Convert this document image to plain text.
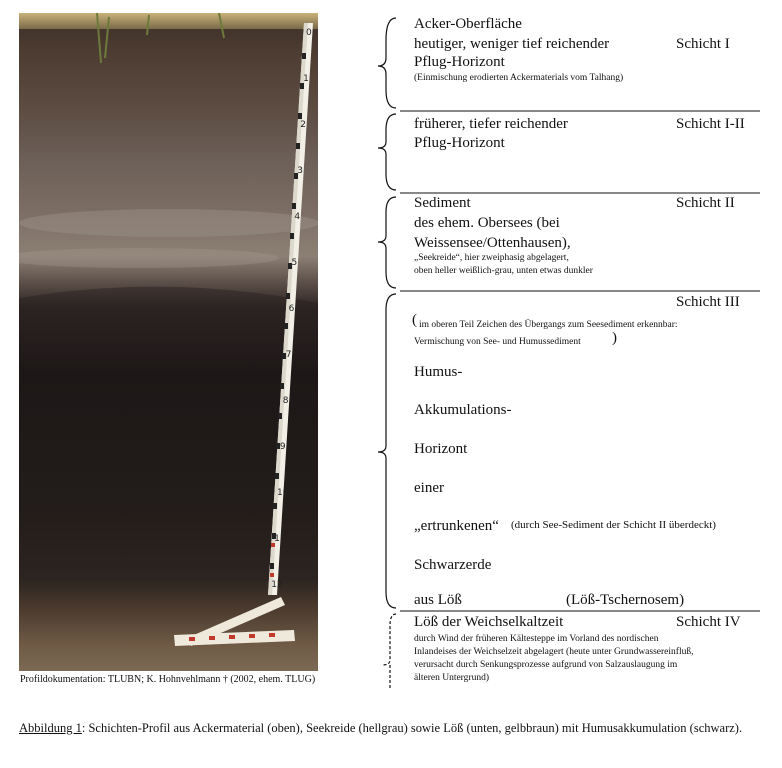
0
1
2
3
4
5
6
7
8
9
10
11
12
Profildokumentation: TLUBN; K. Hohnvehlmann † (2002, ehem. TLUG)
Acker-Oberfläche
heutiger, weniger tief reichender
Pflug-Horizont
(Einmischung erodierten Ackermaterials vom Talhang)
Schicht I
früherer, tiefer reichender
Pflug-Horizont
Schicht I-II
Sediment
des ehem. Obersees (bei
Weissensee/Ottenhausen),
„Seekreide“, hier zweiphasig abgelagert,
oben heller weißlich-grau, unten etwas dunkler
Schicht II
Schicht III
( im oberen Teil Zeichen des Übergangs zum Seesediment erkennbar:
Vermischung von See- und Humussediment )
Humus-
Akkumulations-
Horizont
einer
„ertrunkenen“ (durch See-Sediment der Schicht II überdeckt)
Schwarzerde
aus Löß	(Löß-Tschernosem)
Löß der Weichselkaltzeit	Schicht IV
durch Wind der früheren Kältesteppe im Vorland des nordischen
Inlandeises der Weichselzeit abgelagert (heute unter Grundwassereinfluß,
verursacht durch Senkungsprozesse aufgrund von Salzauslaugung im
älteren Untergrund)
Abbildung 1: Schichten-Profil aus Ackermaterial (oben), Seekreide (hellgrau) sowie Löß (unten, gelbbraun) mit Humusakkumulation (schwarz).
